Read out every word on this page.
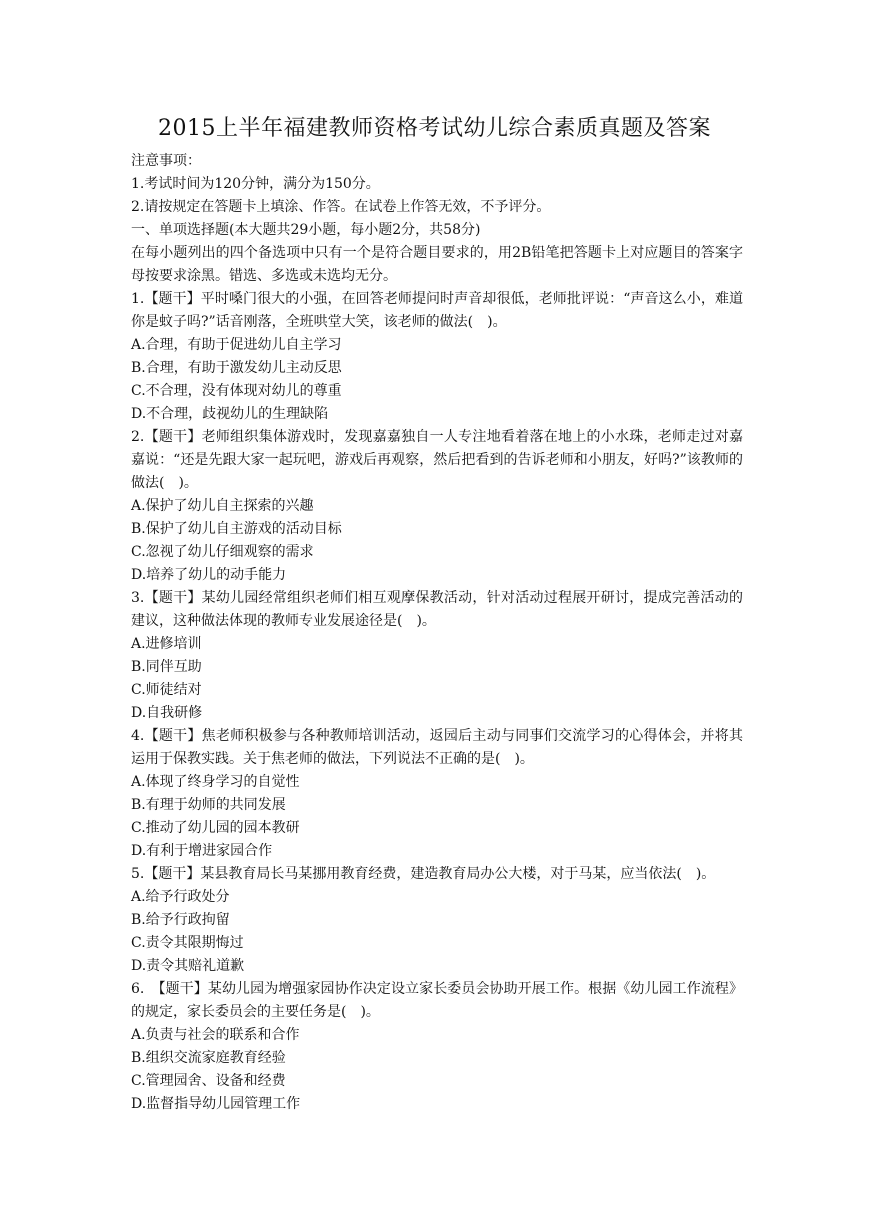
2015上半年福建教师资格考试幼儿综合素质真题及答案

注意事项：

1.考试时间为120分钟，满分为150分。

2.请按规定在答题卡上填涂、作答。在试卷上作答无效，不予评分。

一、单项选择题(本大题共29小题，每小题2分，共58分)

在每小题列出的四个备选项中只有一个是符合题目要求的，用2B铅笔把答题卡上对应题目的答案字母按要求涂黑。错选、多选或未选均无分。

1.【题干】平时嗓门很大的小强，在回答老师提问时声音却很低，老师批评说：“声音这么小，难道你是蚊子吗?”话音刚落，全班哄堂大笑，该老师的做法(　)。

A.合理，有助于促进幼儿自主学习

B.合理，有助于激发幼儿主动反思

C.不合理，没有体现对幼儿的尊重

D.不合理，歧视幼儿的生理缺陷

2.【题干】老师组织集体游戏时，发现嘉嘉独自一人专注地看着落在地上的小水珠，老师走过对嘉嘉说：“还是先跟大家一起玩吧，游戏后再观察，然后把看到的告诉老师和小朋友，好吗?”该教师的做法(　)。

A.保护了幼儿自主探索的兴趣

B.保护了幼儿自主游戏的活动目标

C.忽视了幼儿仔细观察的需求

D.培养了幼儿的动手能力

3.【题干】某幼儿园经常组织老师们相互观摩保教活动，针对活动过程展开研讨，提成完善活动的建议，这种做法体现的教师专业发展途径是(　)。

A.进修培训

B.同伴互助

C.师徒结对

D.自我研修

4.【题干】焦老师积极参与各种教师培训活动，返园后主动与同事们交流学习的心得体会，并将其运用于保教实践。关于焦老师的做法，下列说法不正确的是(　)。

A.体现了终身学习的自觉性

B.有理于幼师的共同发展

C.推动了幼儿园的园本教研

D.有利于增进家园合作

5.【题干】某县教育局长马某挪用教育经费，建造教育局办公大楼，对于马某，应当依法(　)。

A.给予行政处分

B.给予行政拘留

C.责令其限期悔过

D.责令其赔礼道歉

6.　【题干】某幼儿园为增强家园协作决定设立家长委员会协助开展工作。根据《幼儿园工作流程》的规定，家长委员会的主要任务是(　)。

A.负责与社会的联系和合作

B.组织交流家庭教育经验

C.管理园舍、设备和经费

D.监督指导幼儿园管理工作
